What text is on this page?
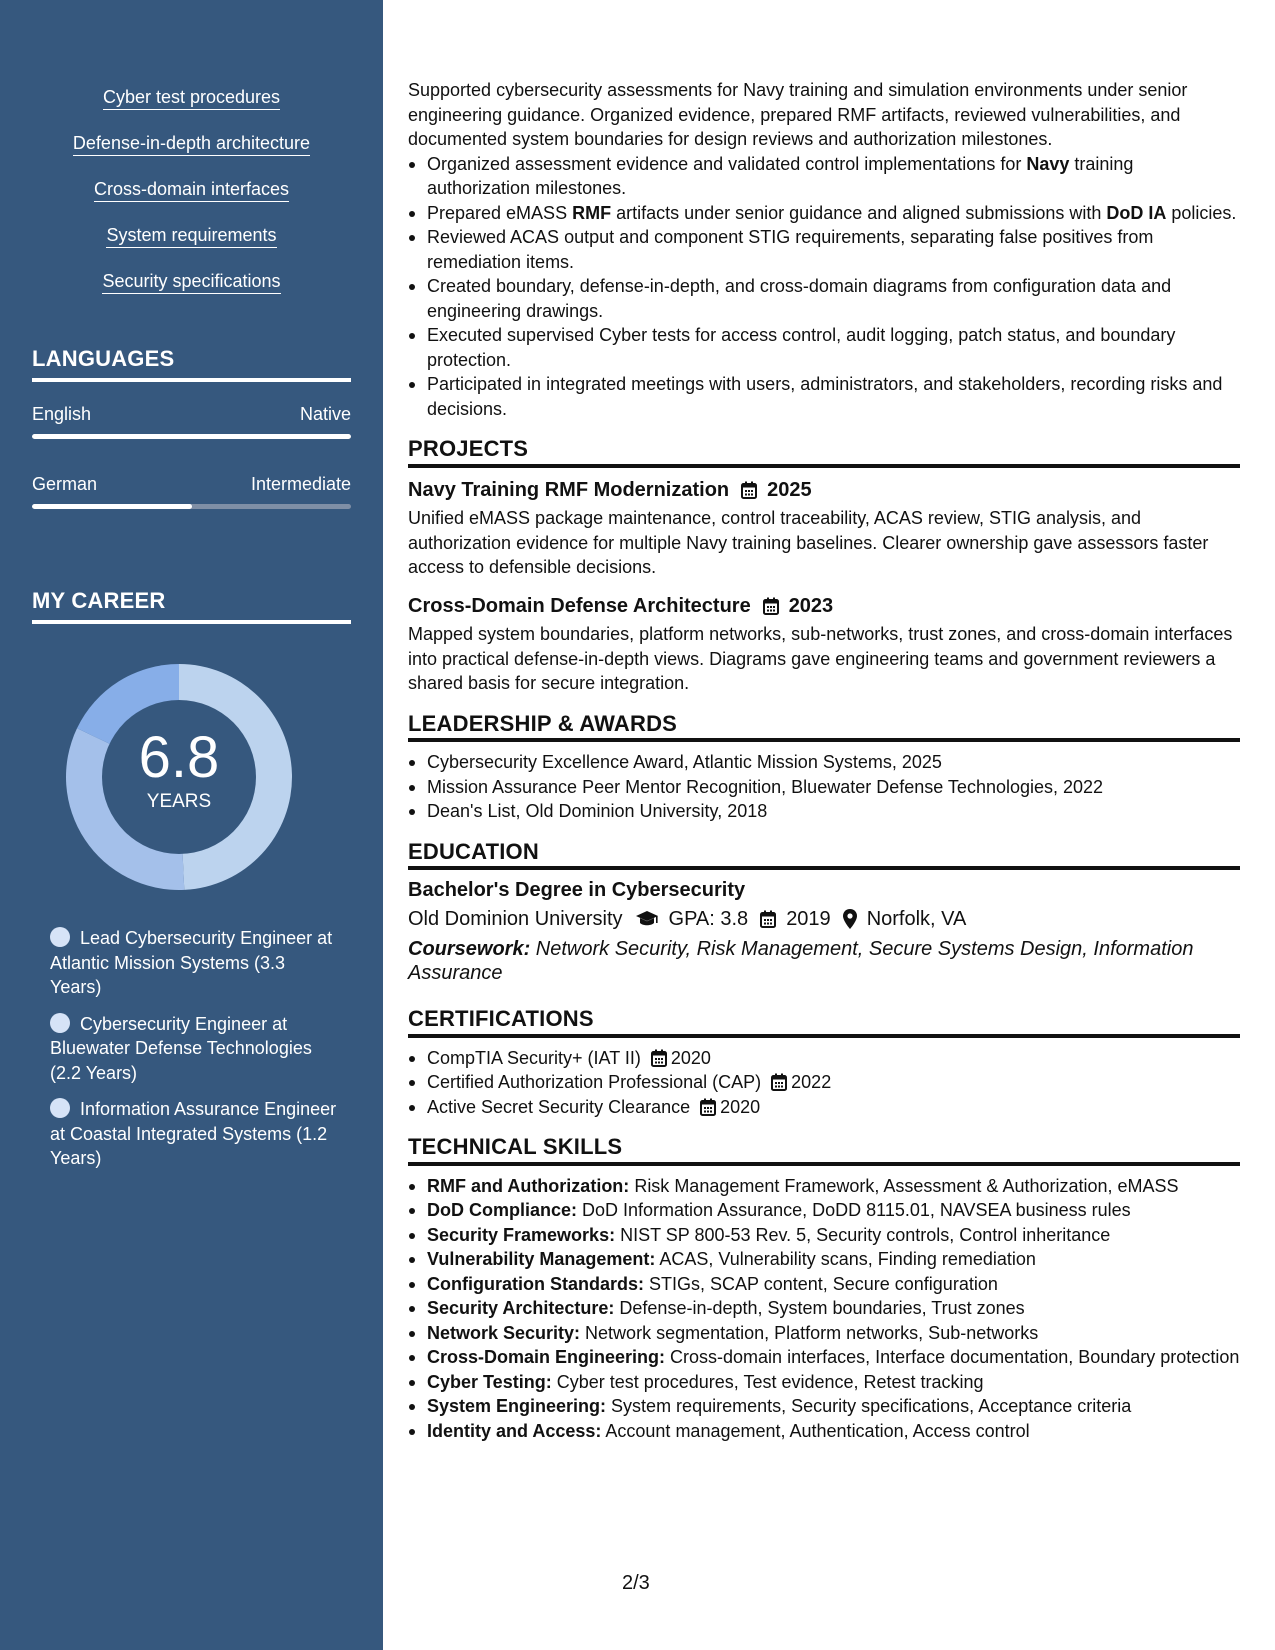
Cyber test procedures
Defense-in-depth architecture
Cross-domain interfaces
System requirements
Security specifications
LANGUAGES
English	Native
German	Intermediate
MY CAREER
6.8
YEARS
Lead Cybersecurity Engineer at Atlantic Mission Systems (3.3 Years)
Cybersecurity Engineer at Bluewater Defense Technologies (2.2 Years)
Information Assurance Engineer at Coastal Integrated Systems (1.2 Years)

Supported cybersecurity assessments for Navy training and simulation environments under senior engineering guidance. Organized evidence, prepared RMF artifacts, reviewed vulnerabilities, and documented system boundaries for design reviews and authorization milestones.

Organized assessment evidence and validated control implementations for Navy training authorization milestones.
Prepared eMASS RMF artifacts under senior guidance and aligned submissions with DoD IA policies.
Reviewed ACAS output and component STIG requirements, separating false positives from remediation items.
Created boundary, defense-in-depth, and cross-domain diagrams from configuration data and engineering drawings.
Executed supervised Cyber tests for access control, audit logging, patch status, and boundary protection.
Participated in integrated meetings with users, administrators, and stakeholders, recording risks and decisions.
PROJECTS
Navy Training RMF Modernization 2025

Unified eMASS package maintenance, control traceability, ACAS review, STIG analysis, and authorization evidence for multiple Navy training baselines. Clearer ownership gave assessors faster access to defensible decisions.

Cross-Domain Defense Architecture 2023

Mapped system boundaries, platform networks, sub-networks, trust zones, and cross-domain interfaces into practical defense-in-depth views. Diagrams gave engineering teams and government reviewers a shared basis for secure integration.

LEADERSHIP & AWARDS
Cybersecurity Excellence Award, Atlantic Mission Systems, 2025
Mission Assurance Peer Mentor Recognition, Bluewater Defense Technologies, 2022
Dean's List, Old Dominion University, 2018
EDUCATION
Bachelor's Degree in Cybersecurity
Old Dominion University GPA: 3.8 2019 Norfolk, VA
Coursework: Network Security, Risk Management, Secure Systems Design, Information Assurance
CERTIFICATIONS
CompTIA Security+ (IAT II) 2020
Certified Authorization Professional (CAP) 2022
Active Secret Security Clearance 2020
TECHNICAL SKILLS
RMF and Authorization: Risk Management Framework, Assessment & Authorization, eMASS
DoD Compliance: DoD Information Assurance, DoDD 8115.01, NAVSEA business rules
Security Frameworks: NIST SP 800-53 Rev. 5, Security controls, Control inheritance
Vulnerability Management: ACAS, Vulnerability scans, Finding remediation
Configuration Standards: STIGs, SCAP content, Secure configuration
Security Architecture: Defense-in-depth, System boundaries, Trust zones
Network Security: Network segmentation, Platform networks, Sub-networks
Cross-Domain Engineering: Cross-domain interfaces, Interface documentation, Boundary protection
Cyber Testing: Cyber test procedures, Test evidence, Retest tracking
System Engineering: System requirements, Security specifications, Acceptance criteria
Identity and Access: Account management, Authentication, Access control
2/3
